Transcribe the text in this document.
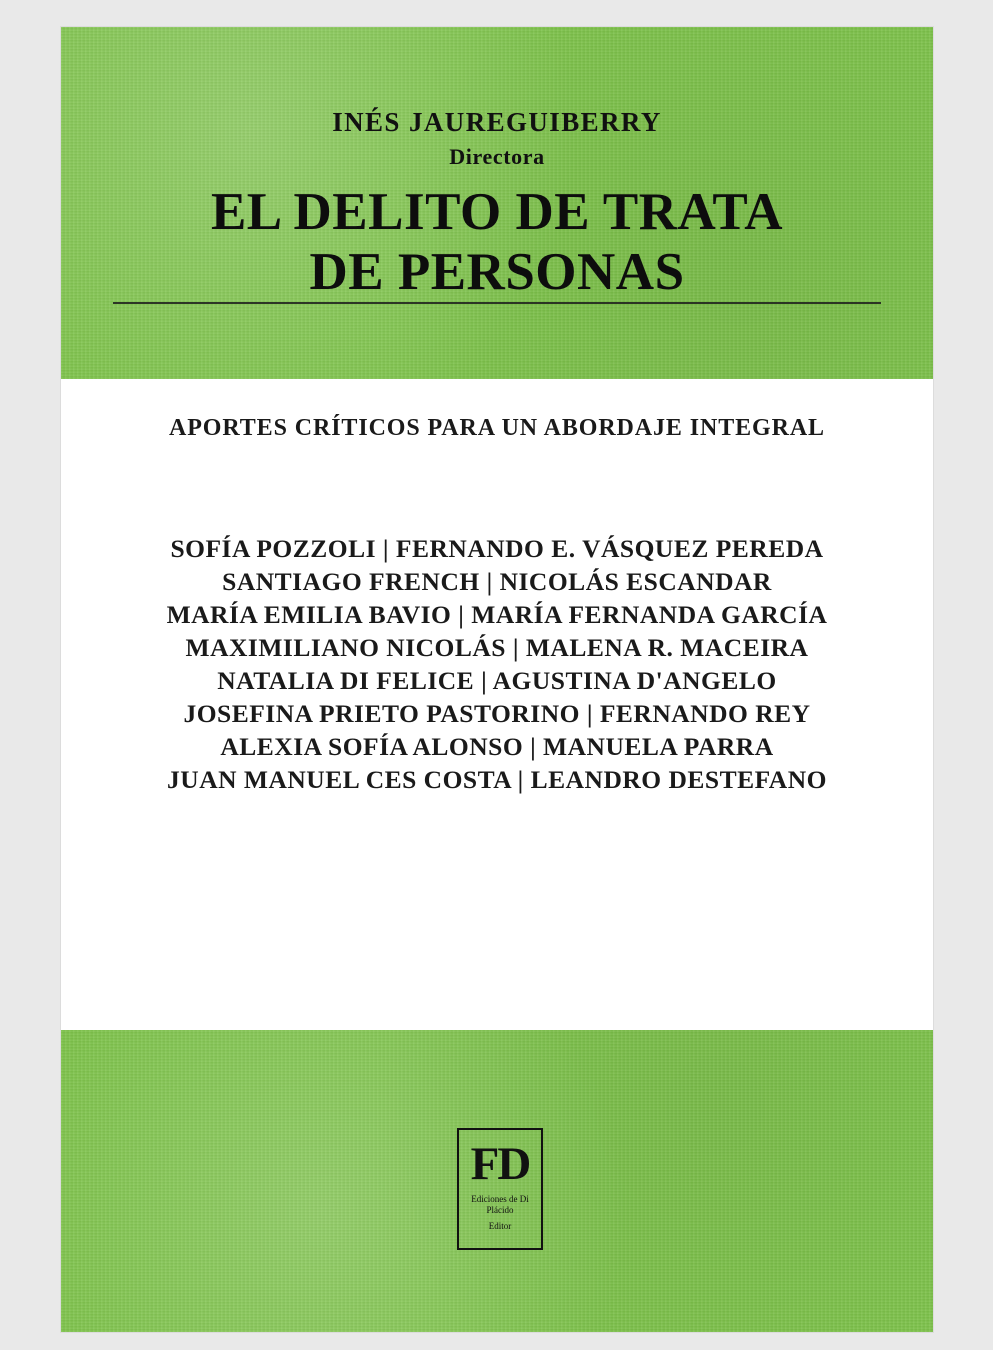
INÉS JAUREGUIBERRY
Directora
EL DELITO DE TRATA
DE PERSONAS
APORTES CRÍTICOS PARA UN ABORDAJE INTEGRAL
SOFÍA POZZOLI | FERNANDO E. VÁSQUEZ PEREDA
SANTIAGO FRENCH | NICOLÁS ESCANDAR
MARÍA EMILIA BAVIO | MARÍA FERNANDA GARCÍA
MAXIMILIANO NICOLÁS | MALENA R. MACEIRA
NATALIA DI FELICE | AGUSTINA D'ANGELO
JOSEFINA PRIETO PASTORINO | FERNANDO REY
ALEXIA SOFÍA ALONSO | MANUELA PARRA
JUAN MANUEL CES COSTA | LEANDRO DESTEFANO
FD
Ediciones de Di Plácido
Editor
